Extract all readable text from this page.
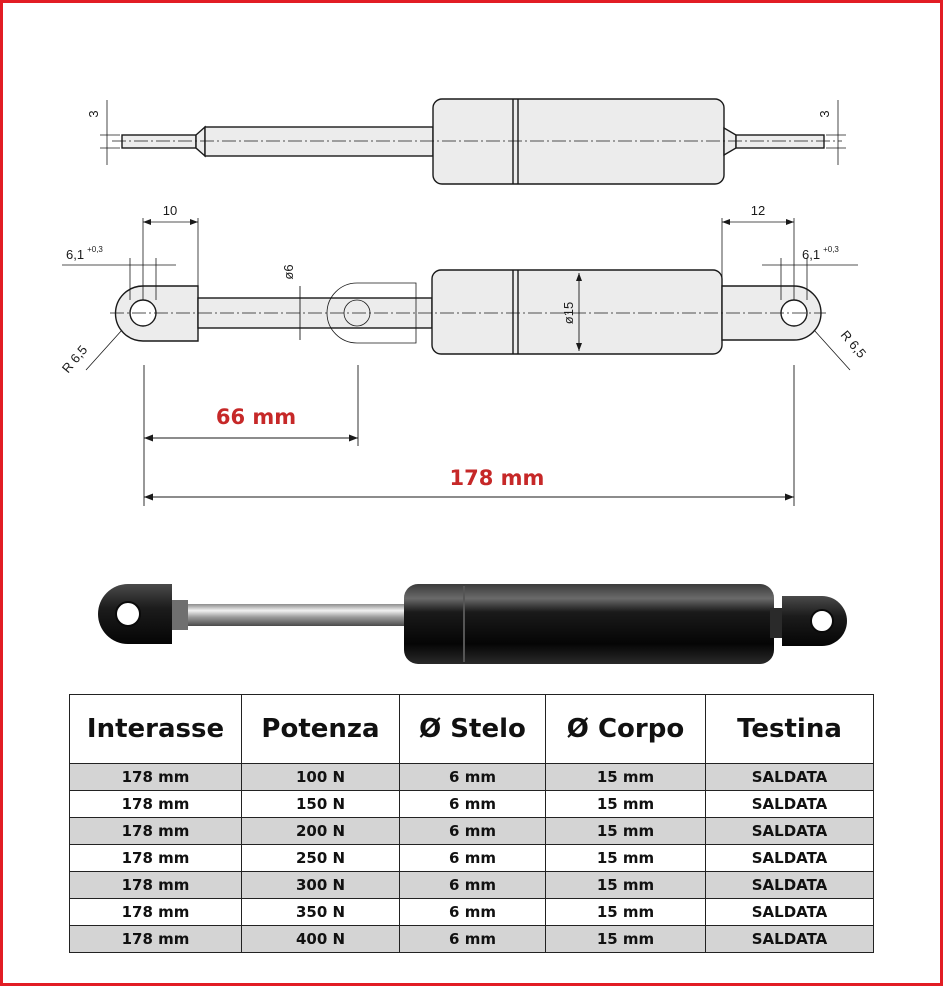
3	3
10	12
6,1 $^{+0,3}$	6,1 $^{+0,3}$
R 6,5	R 6,5
ø6
ø15
66 mm
178 mm
Interasse	Potenza	Ø Stelo	Ø Corpo	Testina
178 mm	100 N	6 mm	15 mm	SALDATA
178 mm	150 N	6 mm	15 mm	SALDATA
178 mm	200 N	6 mm	15 mm	SALDATA
178 mm	250 N	6 mm	15 mm	SALDATA
178 mm	300 N	6 mm	15 mm	SALDATA
178 mm	350 N	6 mm	15 mm	SALDATA
178 mm	400 N	6 mm	15 mm	SALDATA
